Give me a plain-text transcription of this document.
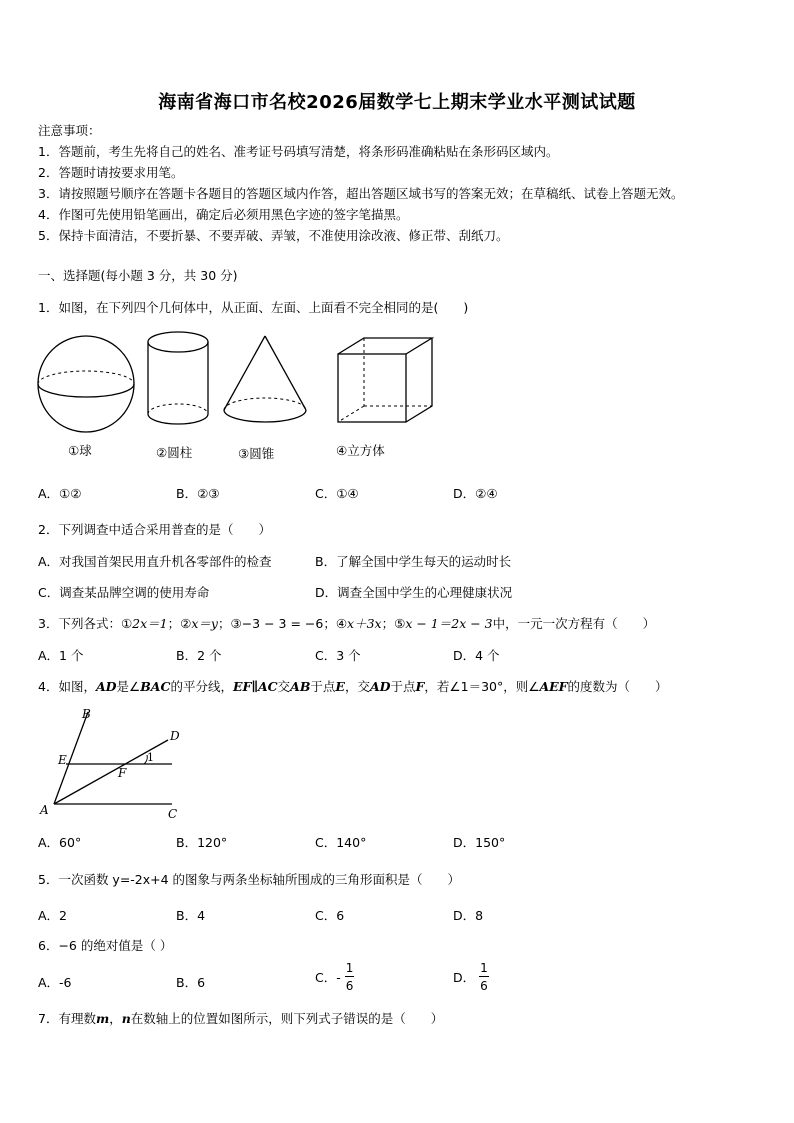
海南省海口市名校2026届数学七上期末学业水平测试试题
注意事项：
1．答题前，考生先将自己的姓名、准考证号码填写清楚，将条形码准确粘贴在条形码区域内。
2．答题时请按要求用笔。
3．请按照题号顺序在答题卡各题目的答题区域内作答，超出答题区域书写的答案无效；在草稿纸、试卷上答题无效。
4．作图可先使用铅笔画出，确定后必须用黑色字迹的签字笔描黑。
5．保持卡面清洁，不要折暴、不要弄破、弄皱，不准使用涂改液、修正带、刮纸刀。
一、选择题(每小题 3 分，共 30 分)
1．如图，在下列四个几何体中，从正面、左面、上面看不完全相同的是(　　)
①球	②圆柱	③圆锥	④立方体
A．①②	B．②③	C．①④	D．②④
2．下列调查中适合采用普查的是（　　）
A．对我国首架民用直升机各零部件的检查	B．了解全国中学生每天的运动时长
C．调查某品牌空调的使用寿命	D．调查全国中学生的心理健康状况
3．下列各式：①2x＝1；②x＝y；③−3 − 3 = −6；④x＋3x；⑤x − 1＝2x − 3中，一元一次方程有（　　）
A．1 个	B．2 个	C．3 个	D．4 个
4．如图，AD是∠BAC的平分线，EF∥AC交AB于点E，交AD于点F，若∠1＝30°，则∠AEF的度数为（　　）
B
D
E
F
1
A	C
A．60°	B．120°	C．140°	D．150°
5．一次函数 y=-2x+4 的图象与两条坐标轴所围成的三角形面积是（　　）
A．2	B．4	C．6	D．8
6．−6 的绝对值是（ ）
A．-6	B．6	C．- $\frac{1}{6}$	D． $\frac{1}{6}$
7．有理数m，n在数轴上的位置如图所示，则下列式子错误的是（　　）
